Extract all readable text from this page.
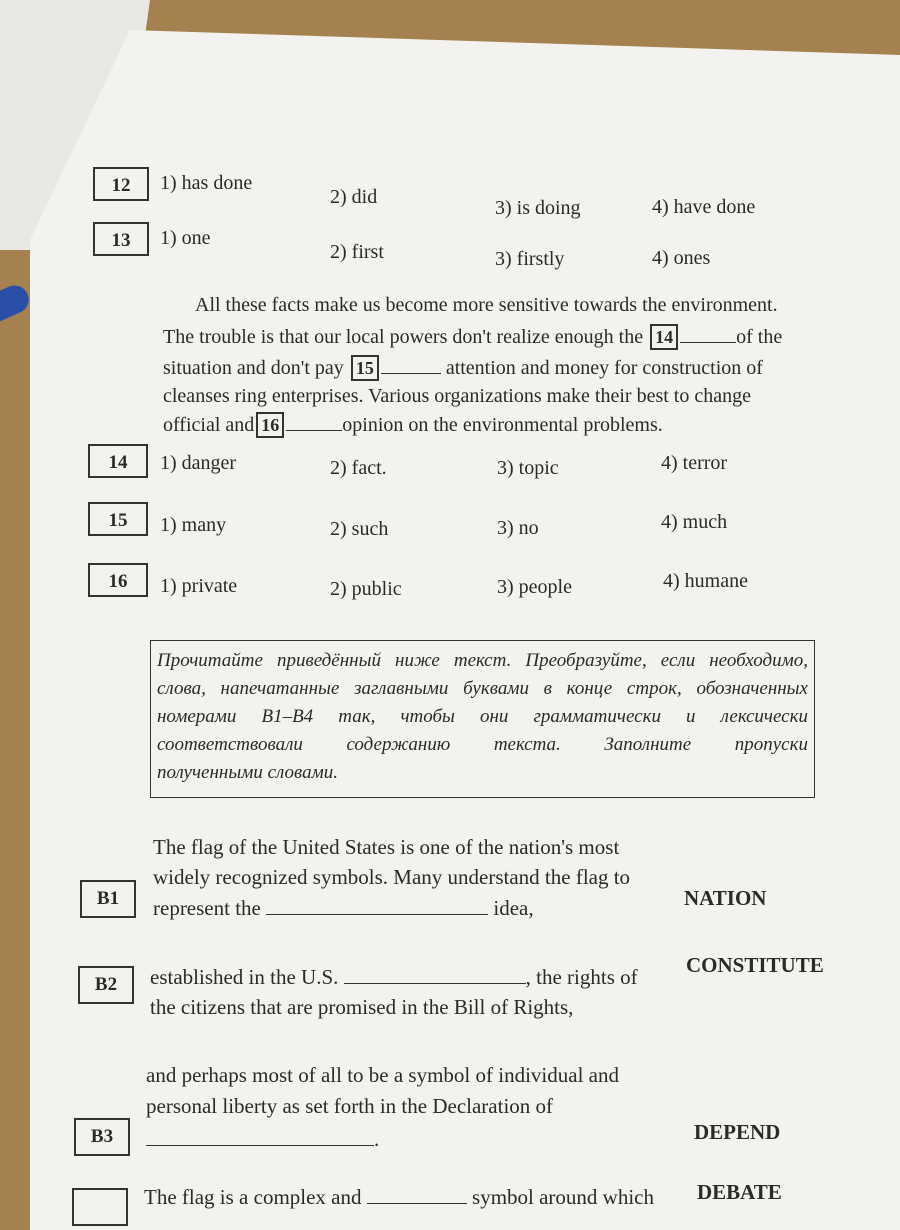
12	1) has done
2) did	3) is doing	4) have done
13	1) one
2) first	3) firstly	4) ones
All these facts make us become more sensitive towards the environment.
The trouble is that our local powers don't realize enough the 14	of the
situation and don't pay 15	attention and money for construction of
cleanses ring enterprises. Various organizations make their best to change
official and 16	opinion on the environmental problems.
14	1) danger	2) fact.	3) topic	4) terror
15	1) many	2) such	3) no	4) much
16	1) private	2) public	3) people	4) humane
Прочитайте приведённый ниже текст. Преобразуйте, если необходимо,
слова, напечатанные заглавными буквами в конце строк, обозначенных
номерами B1–B4 так, чтобы они грамматически и лексически
соответствовали содержанию текста. Заполните пропуски
полученными словами.
The flag of the United States is one of the nation's most
widely recognized symbols. Many understand the flag to
represent the	idea,
B1	NATION
established in the U.S.	, the rights of
the citizens that are promised in the Bill of Rights,
B2
CONSTITUTE
and perhaps most of all to be a symbol of individual and
personal liberty as set forth in the Declaration of
.
B3	DEPEND
The flag is a complex and	symbol around which DEBATE
